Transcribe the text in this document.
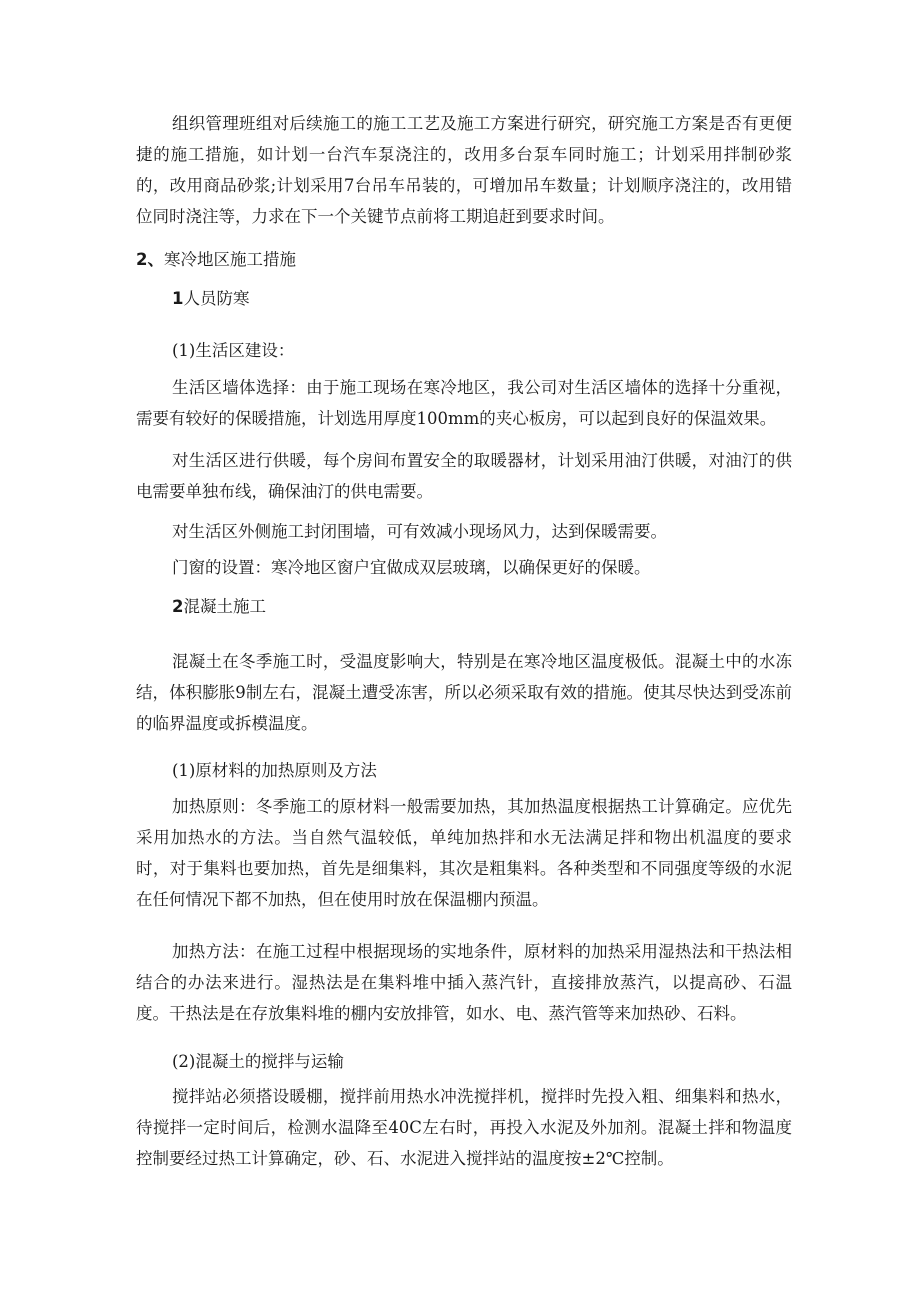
组织管理班组对后续施工的施工工艺及施工方案进行研究，研究施工方案是否有更便捷的施工措施，如计划一台汽车泵浇注的，改用多台泵车同时施工；计划采用拌制砂浆的，改用商品砂浆;计划采用7台吊车吊装的，可增加吊车数量；计划顺序浇注的，改用错位同时浇注等，力求在下一个关键节点前将工期追赶到要求时间。

2、寒冷地区施工措施
1人员防寒
(1)生活区建设：

生活区墙体选择：由于施工现场在寒冷地区，我公司对生活区墙体的选择十分重视，需要有较好的保暖措施，计划选用厚度100mm的夹心板房，可以起到良好的保温效果。

对生活区进行供暖，每个房间布置安全的取暖器材，计划采用油汀供暖，对油汀的供电需要单独布线，确保油汀的供电需要。

对生活区外侧施工封闭围墙，可有效减小现场风力，达到保暖需要。

门窗的设置：寒冷地区窗户宜做成双层玻璃，以确保更好的保暖。

2混凝土施工

混凝土在冬季施工时，受温度影响大，特别是在寒冷地区温度极低。混凝土中的水冻结，体积膨胀9制左右，混凝土遭受冻害，所以必须采取有效的措施。使其尽快达到受冻前的临界温度或拆模温度。

(1)原材料的加热原则及方法

加热原则：冬季施工的原材料一般需要加热，其加热温度根据热工计算确定。应优先采用加热水的方法。当自然气温较低，单纯加热拌和水无法满足拌和物出机温度的要求时，对于集料也要加热，首先是细集料，其次是粗集料。各种类型和不同强度等级的水泥在任何情况下都不加热，但在使用时放在保温棚内预温。

加热方法：在施工过程中根据现场的实地条件，原材料的加热采用湿热法和干热法相结合的办法来进行。湿热法是在集料堆中插入蒸汽针，直接排放蒸汽，以提高砂、石温度。干热法是在存放集料堆的棚内安放排管，如水、电、蒸汽管等来加热砂、石料。

(2)混凝土的搅拌与运输

搅拌站必须搭设暖棚，搅拌前用热水冲洗搅拌机，搅拌时先投入粗、细集料和热水，待搅拌一定时间后，检测水温降至40C左右时，再投入水泥及外加剂。混凝土拌和物温度控制要经过热工计算确定，砂、石、水泥进入搅拌站的温度按±2℃控制。
